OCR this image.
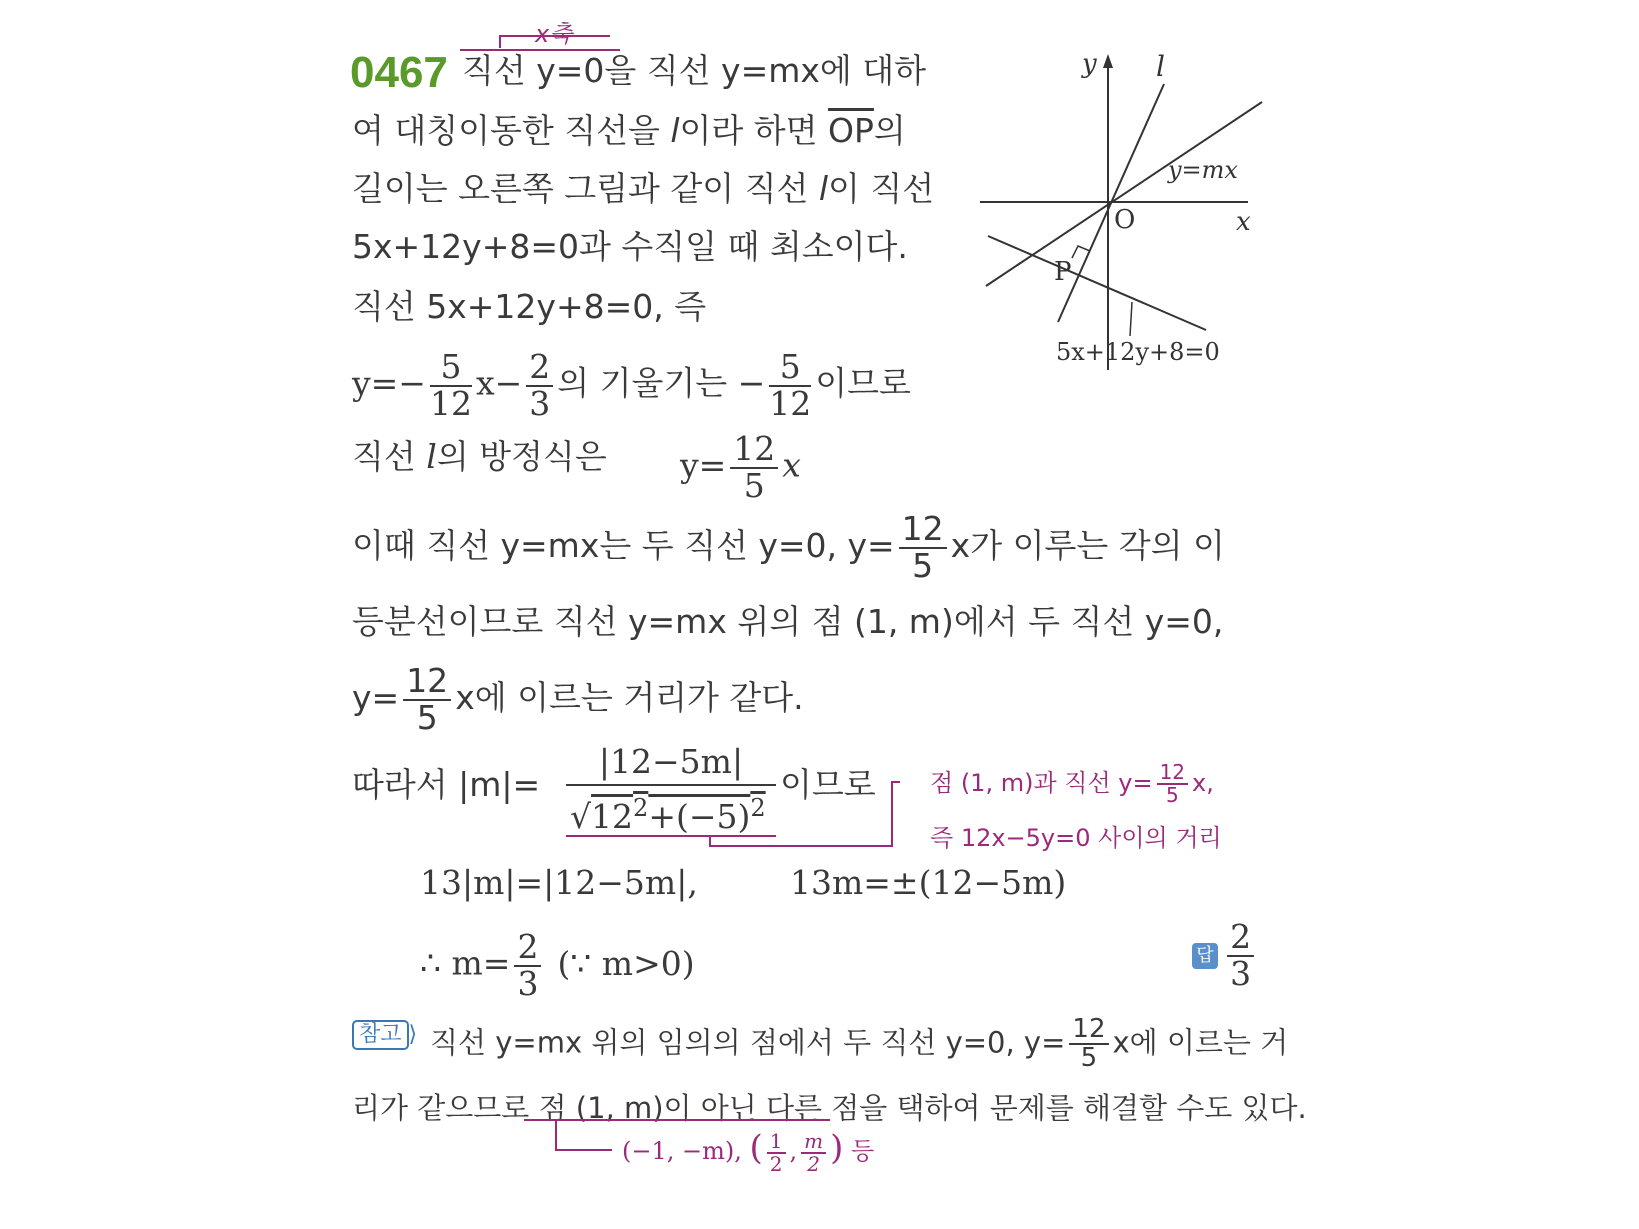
0467
x축
직선 y=0을 직선 y=mx에 대하
여 대칭이동한 직선을 l이라 하면 $\overline{OP}$의
길이는 오른쪽 그림과 같이 직선 l이 직선
5x+12y+8=0과 수직일 때 최소이다.
직선 5x+12y+8=0, 즉
$y=- \frac{5}{12} x- \frac{2}{3}$ 의 기울기는 − $\frac{5}{12}$ 이므로
직선 l의 방정식은 $y= \frac{12}{5}$ x
이때 직선 y=mx는 두 직선 y=0, $y= \frac{12}{5}$ x가 이루는 각의 이
등분선이므로 직선 y=mx 위의 점 (1, m)에서 두 직선 y=0,
$y= \frac{12}{5}$ x에 이르는 거리가 같다.
따라서 |m|=
|12−5m|
$√12^2+(-5)^2$
이므로 점 (1, m)과 직선 $y= \frac{12}{5} x$,
즉 12x−5y=0 사이의 거리
13|m|=|12−5m|,	13m=±(12−5m)
∴ $m= \frac{2}{3}$ (∵ m>0)	답 $\frac{2}{3}$
참고 ⟩ 직선 y=mx 위의 임의의 점에서 두 직선 y=0, $y= \frac{12}{5}$ x에 이르는 거
리가 같으므로 점 (1, m)이 아닌 다른 점을 택하여 문제를 해결할 수도 있다.
(−1, −m), ( $\frac{1}{2}$ , $\frac{m}{2}$ ) 등
y l
y=mx
O	x
P
5x+12y+8=0
